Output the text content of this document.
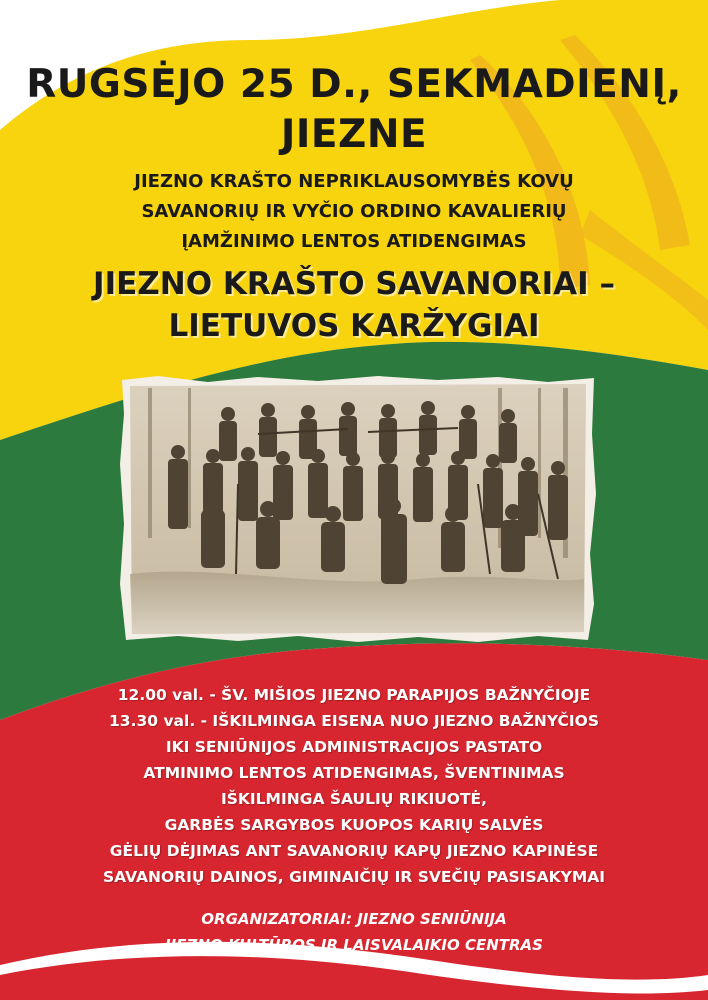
RUGSĖJO 25 D., SEKMADIENĮ,
JIEZNE
JIEZNO KRAŠTO NEPRIKLAUSOMYBĖS KOVŲ
SAVANORIŲ IR VYČIO ORDINO KAVALIERIŲ
ĮAMŽINIMO LENTOS ATIDENGIMAS
JIEZNO KRAŠTO SAVANORIAI –
LIETUVOS KARŽYGIAI
12.00 val. - ŠV. MIŠIOS JIEZNO PARAPIJOS BAŽNYČIOJE
13.30 val. - IŠKILMINGA EISENA NUO JIEZNO BAŽNYČIOS
IKI SENIŪNIJOS ADMINISTRACIJOS PASTATO
ATMINIMO LENTOS ATIDENGIMAS, ŠVENTINIMAS
IŠKILMINGA ŠAULIŲ RIKIUOTĖ,
GARBĖS SARGYBOS KUOPOS KARIŲ SALVĖS
GĖLIŲ DĖJIMAS ANT SAVANORIŲ KAPŲ JIEZNO KAPINĖSE
SAVANORIŲ DAINOS, GIMINAIČIŲ IR SVEČIŲ PASISAKYMAI
ORGANIZATORIAI: JIEZNO SENIŪNIJA
JIEZNO KULTŪROS IR LAISVALAIKIO CENTRAS
